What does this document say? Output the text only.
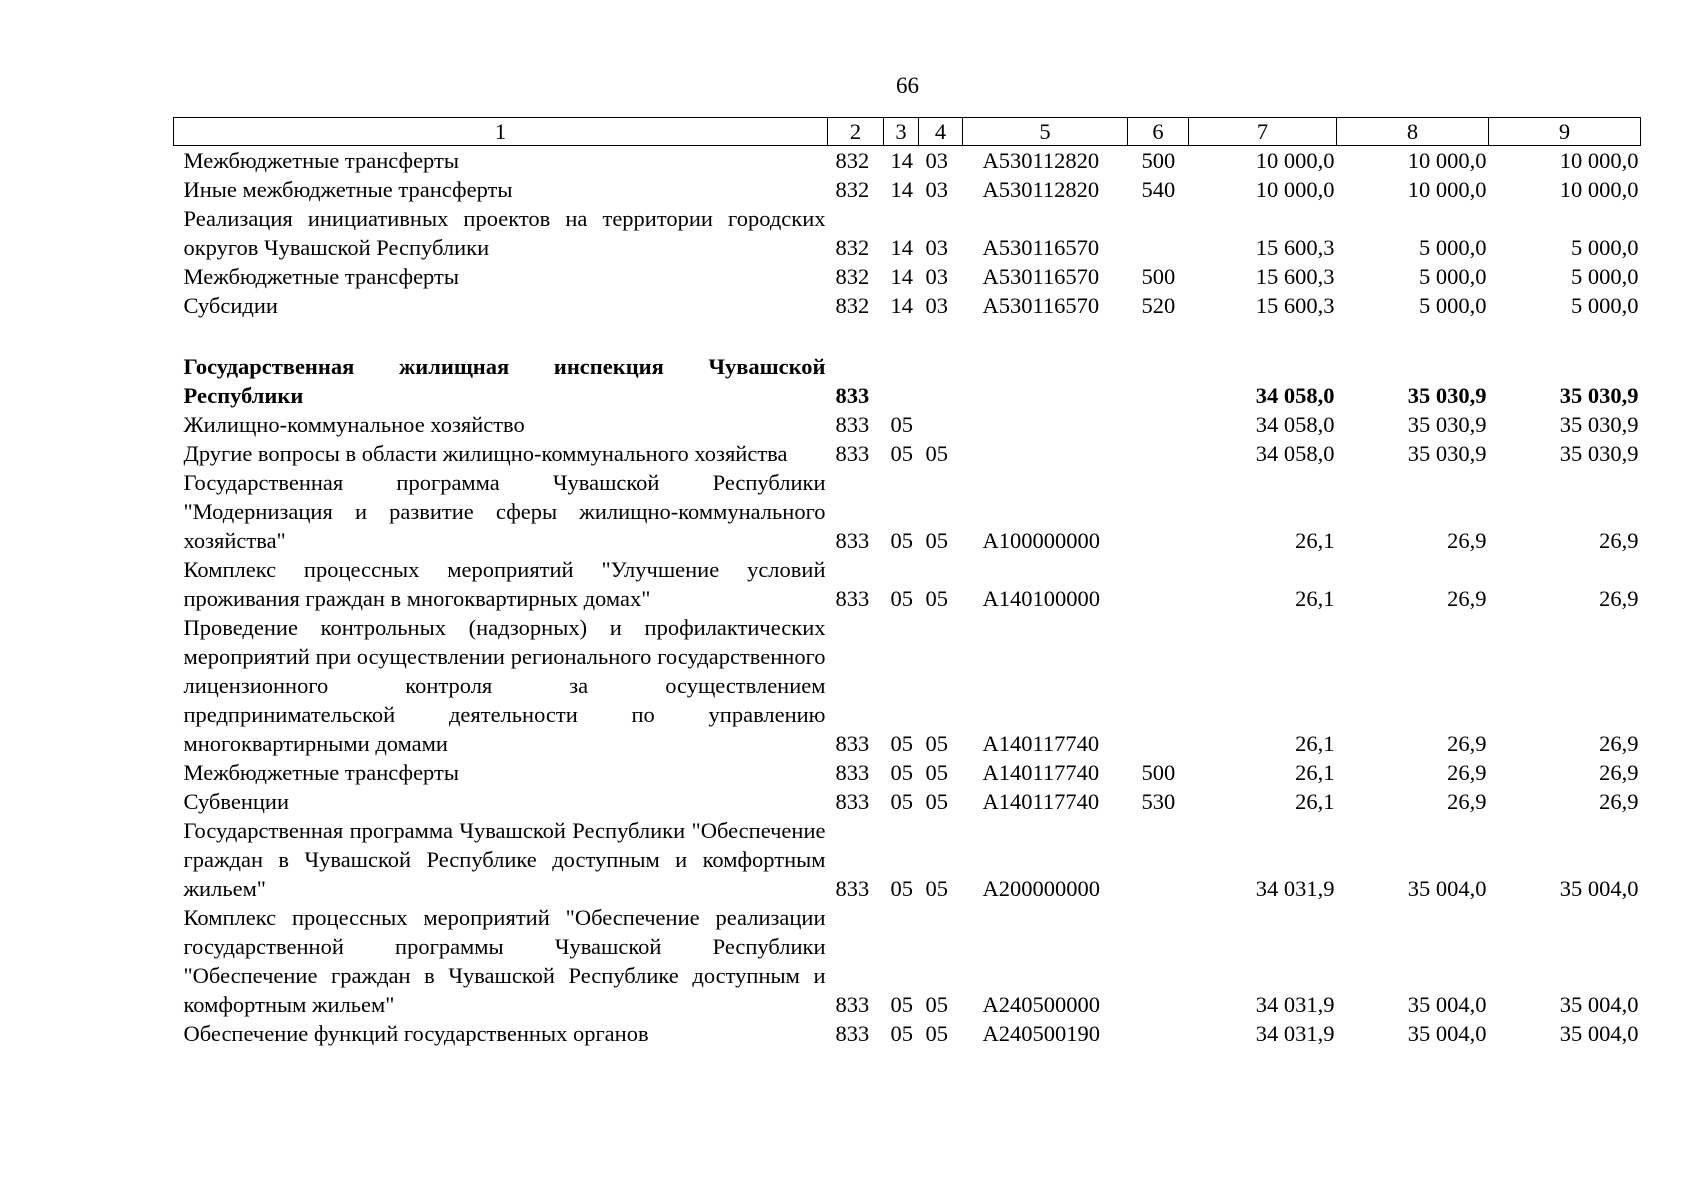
66
1	2	3	4	5	6	7	8	9
Межбюджетные трансферты	832	14	03	А530112820	500	10 000,0	10 000,0	10 000,0
Иные межбюджетные трансферты	832	14	03	А530112820	540	10 000,0	10 000,0	10 000,0
Реализация инициативных проектов на территории городских округов Чувашской Республики	832	14	03	А530116570		15 600,3	5 000,0	5 000,0
Межбюджетные трансферты	832	14	03	А530116570	500	15 600,3	5 000,0	5 000,0
Субсидии	832	14	03	А530116570	520	15 600,3	5 000,0	5 000,0

Государственная жилищная инспекция Чувашской Республики	833					34 058,0	35 030,9	35 030,9
Жилищно-коммунальное хозяйство	833	05				34 058,0	35 030,9	35 030,9
Другие вопросы в области жилищно-коммунального хозяйства	833	05	05			34 058,0	35 030,9	35 030,9
Государственная программа Чувашской Республики "Модернизация и развитие сферы жилищно-коммунального хозяйства"	833	05	05	А100000000		26,1	26,9	26,9
Комплекс процессных мероприятий "Улучшение условий проживания граждан в многоквартирных домах"	833	05	05	А140100000		26,1	26,9	26,9
Проведение контрольных (надзорных) и профилактических мероприятий при осуществлении регионального государственного лицензионного контроля за осуществлением предпринимательской деятельности по управлению многоквартирными домами	833	05	05	А140117740		26,1	26,9	26,9
Межбюджетные трансферты	833	05	05	А140117740	500	26,1	26,9	26,9
Субвенции	833	05	05	А140117740	530	26,1	26,9	26,9
Государственная программа Чувашской Республики "Обеспечение граждан в Чувашской Республике доступным и комфортным жильем"	833	05	05	А200000000		34 031,9	35 004,0	35 004,0
Комплекс процессных мероприятий "Обеспечение реализации государственной программы Чувашской Республики "Обеспечение граждан в Чувашской Республике доступным и комфортным жильем"	833	05	05	А240500000		34 031,9	35 004,0	35 004,0
Обеспечение функций государственных органов	833	05	05	А240500190		34 031,9	35 004,0	35 004,0
